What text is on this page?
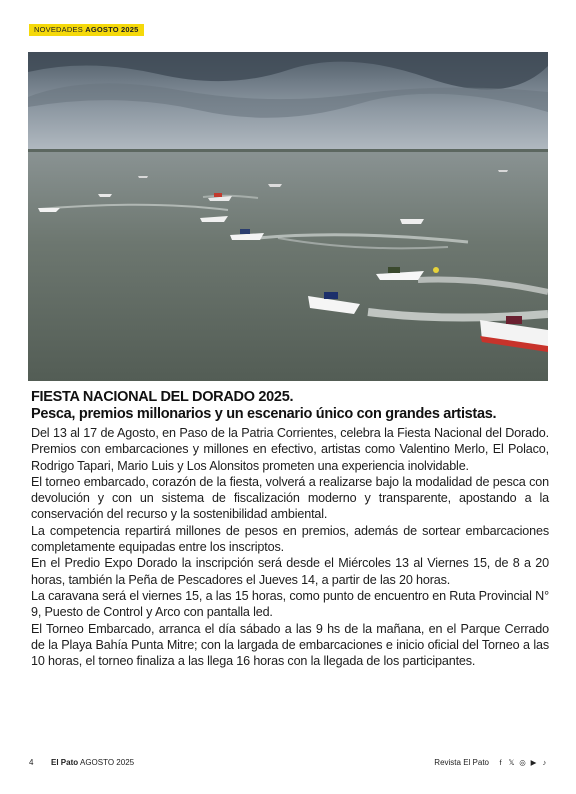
NOVEDADES AGOSTO 2025
FIESTA NACIONAL DEL DORADO 2025.
Pesca, premios millonarios y un escenario único con grandes artistas.

Del 13 al 17 de Agosto, en Paso de la Patria Corrientes, celebra la Fiesta Nacional del Dorado. Premios con embarcaciones y millones en efectivo, artistas como Valentino Merlo, El Polaco, Rodrigo Tapari, Mario Luis y Los Alonsitos prometen una experiencia inolvidable.

El torneo embarcado, corazón de la fiesta, volverá a realizarse bajo la modalidad de pesca con devolución y con un sistema de fiscalización moderno y transparente, apostando a la conservación del recurso y la sostenibilidad ambiental.

La competencia repartirá millones de pesos en premios, además de sortear embarcaciones completamente equipadas entre los inscriptos.

En el Predio Expo Dorado la inscripción será desde el Miércoles 13 al Viernes 15, de 8 a 20 horas, también la Peña de Pescadores el Jueves 14, a partir de las 20 horas.

La caravana será el viernes 15, a las 15 horas, como punto de encuentro en Ruta Provincial N° 9, Puesto de Control y Arco con pantalla led.

El Torneo Embarcado, arranca el día sábado a las 9 hs de la mañana, en el Parque Cerrado de la Playa Bahía Punta Mitre; con la largada de embarcaciones e inicio oficial del Torneo a las 10 horas, el torneo finaliza a las llega 16 horas con la llegada de los participantes.

4 El Pato AGOSTO 2025	Revista El Pato	f 𝕏 ◎ ▶ ♪
